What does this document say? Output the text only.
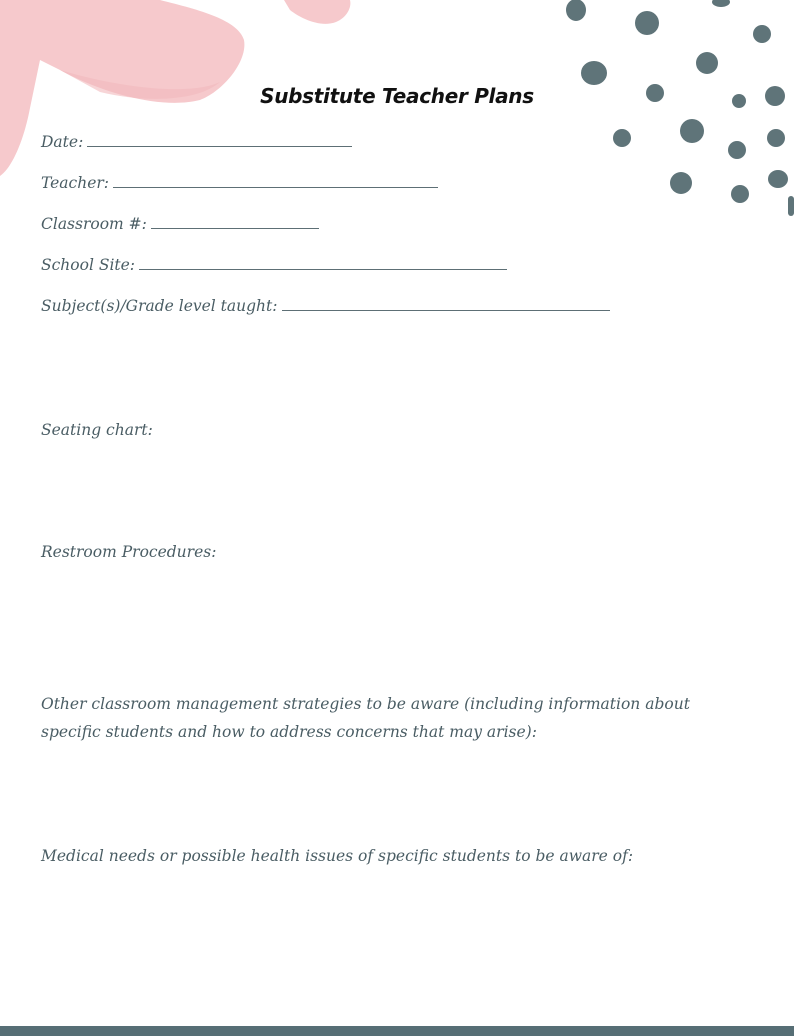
Substitute Teacher Plans
Date:
Teacher:
Classroom #:
School Site:
Subject(s)/Grade level taught:
Seating chart:
Restroom Procedures:
Other classroom management strategies to be aware (including information about
specific students and how to address concerns that may arise):
Medical needs or possible health issues of specific students to be aware of:
